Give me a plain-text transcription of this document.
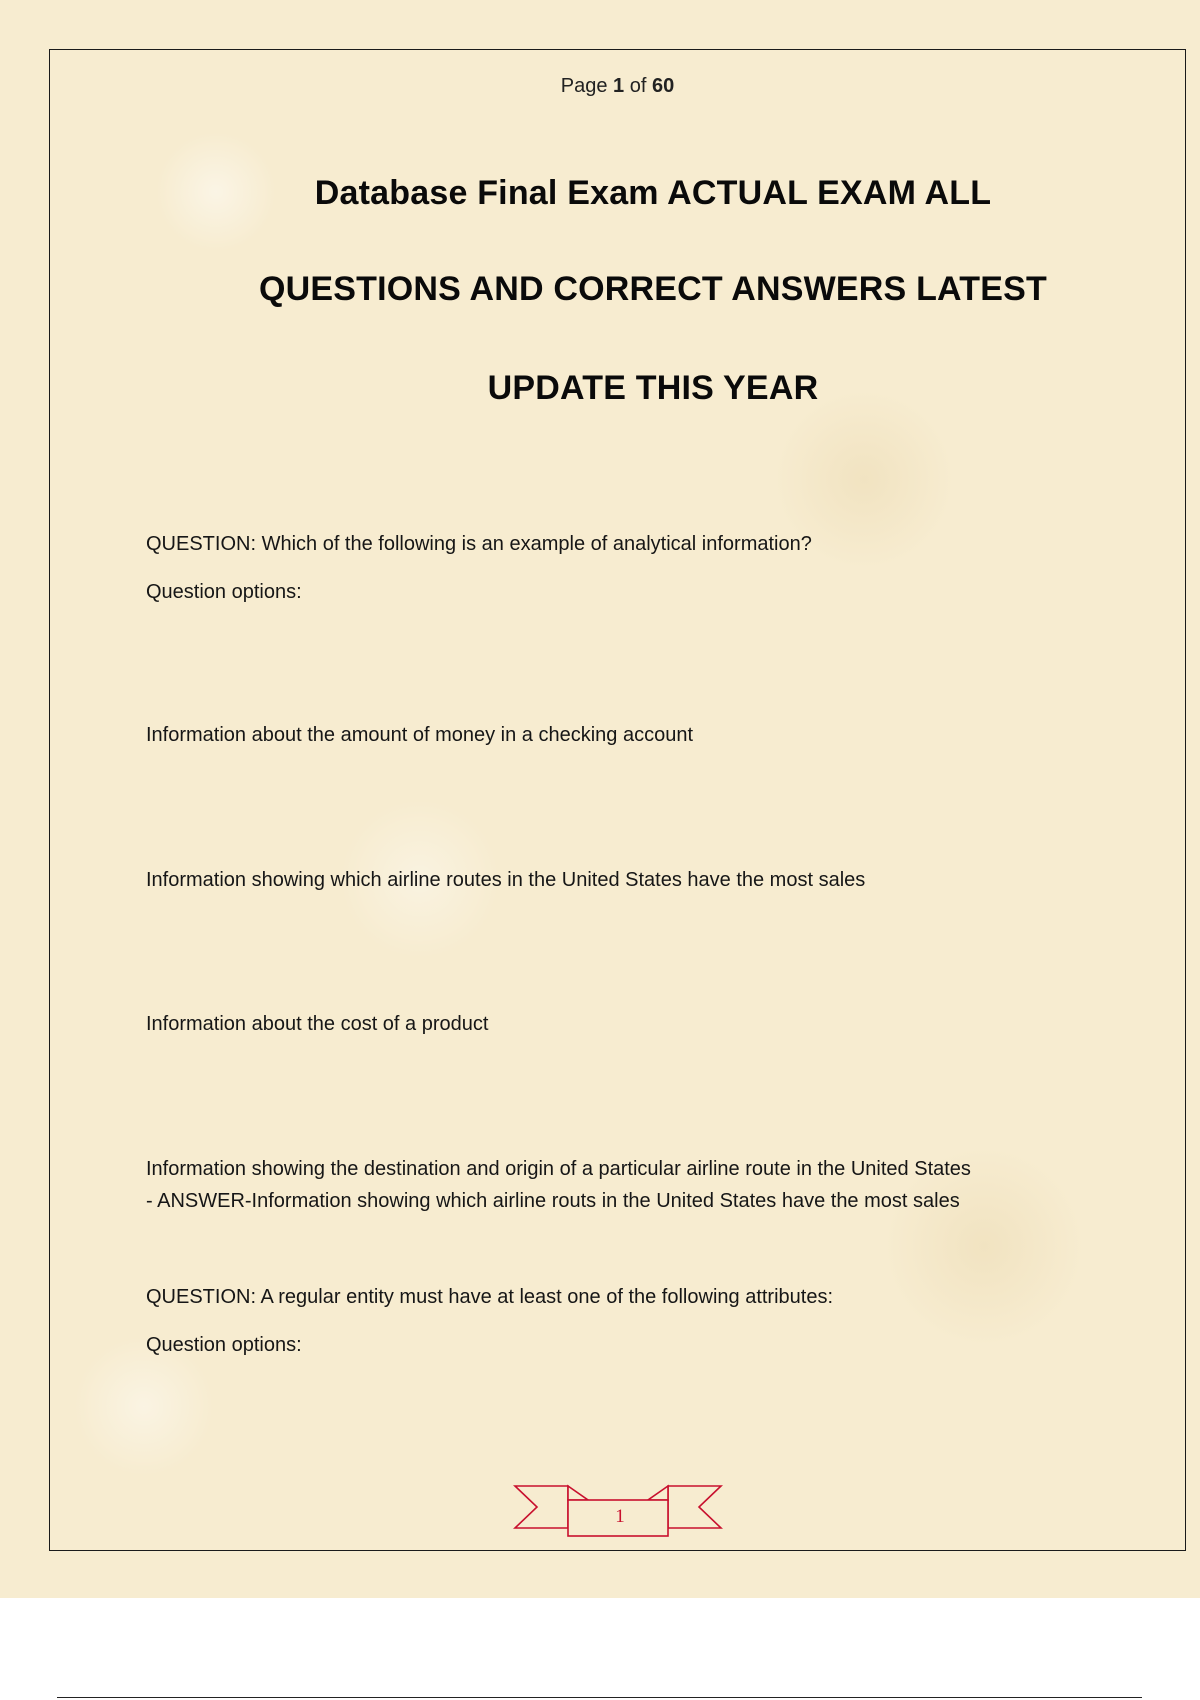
Page 1 of 60
Database Final Exam ACTUAL EXAM ALL
QUESTIONS AND CORRECT ANSWERS LATEST
UPDATE THIS YEAR
QUESTION: Which of the following is an example of analytical information?
Question options:
Information about the amount of money in a checking account
Information showing which airline routes in the United States have the most sales
Information about the cost of a product
Information showing the destination and origin of a particular airline route in the United States
- ANSWER-Information showing which airline routs in the United States have the most sales
QUESTION: A regular entity must have at least one of the following attributes:
Question options:
1
